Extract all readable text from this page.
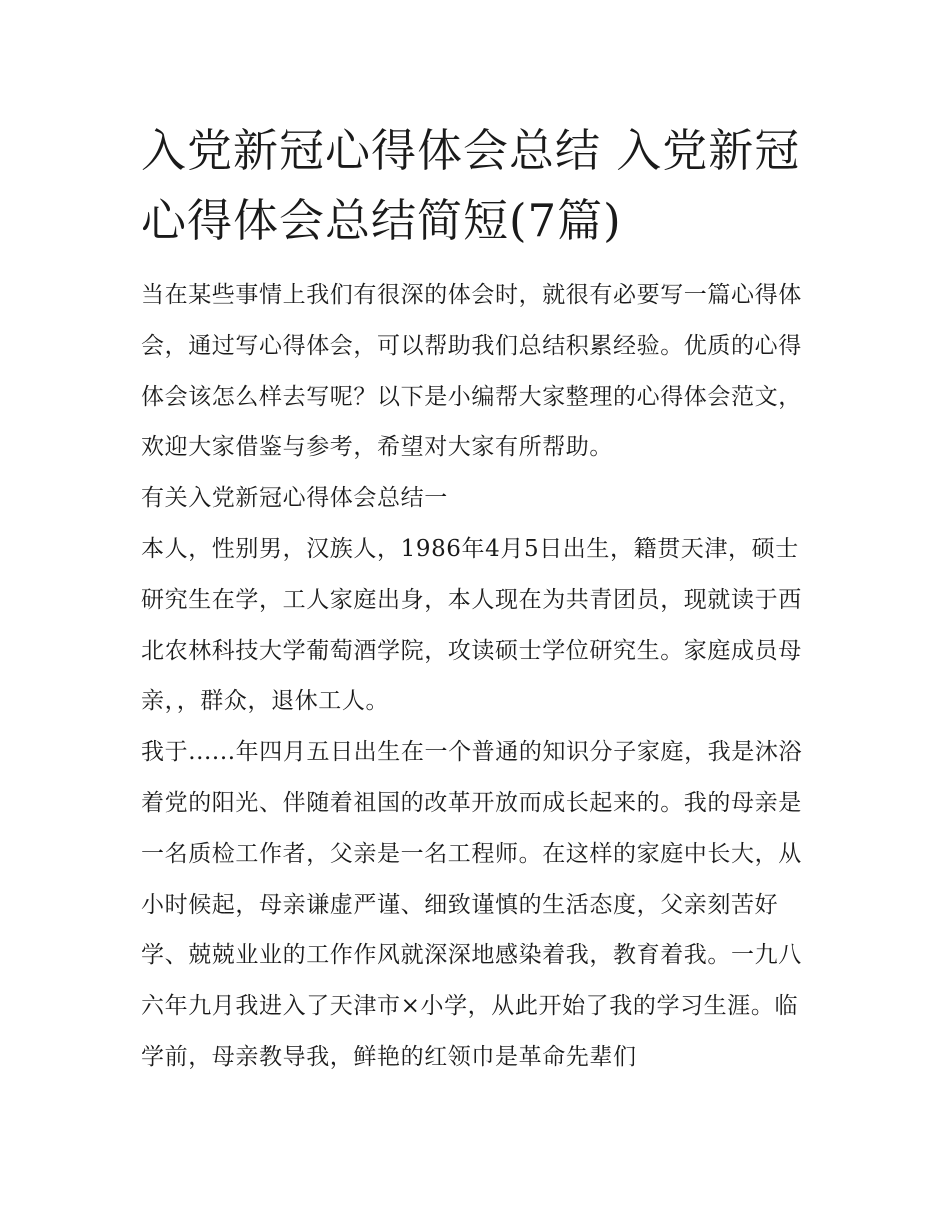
入党新冠心得体会总结 入党新冠心得体会总结简短(7篇)

当在某些事情上我们有很深的体会时，就很有必要写一篇心得体会，通过写心得体会，可以帮助我们总结积累经验。优质的心得体会该怎么样去写呢？以下是小编帮大家整理的心得体会范文，欢迎大家借鉴与参考，希望对大家有所帮助。

有关入党新冠心得体会总结一

本人，性别男，汉族人，1986年4月5日出生，籍贯天津，硕士研究生在学，工人家庭出身，本人现在为共青团员，现就读于西北农林科技大学葡萄酒学院，攻读硕士学位研究生。家庭成员母亲，，群众，退休工人。

我于......年四月五日出生在一个普通的知识分子家庭，我是沐浴着党的阳光、伴随着祖国的改革开放而成长起来的。我的母亲是一名质检工作者，父亲是一名工程师。在这样的家庭中长大，从小时候起，母亲谦虚严谨、细致谨慎的生活态度，父亲刻苦好学、兢兢业业的工作作风就深深地感染着我，教育着我。一九八六年九月我进入了天津市×小学，从此开始了我的学习生涯。临学前，母亲教导我，鲜艳的红领巾是革命先辈们
